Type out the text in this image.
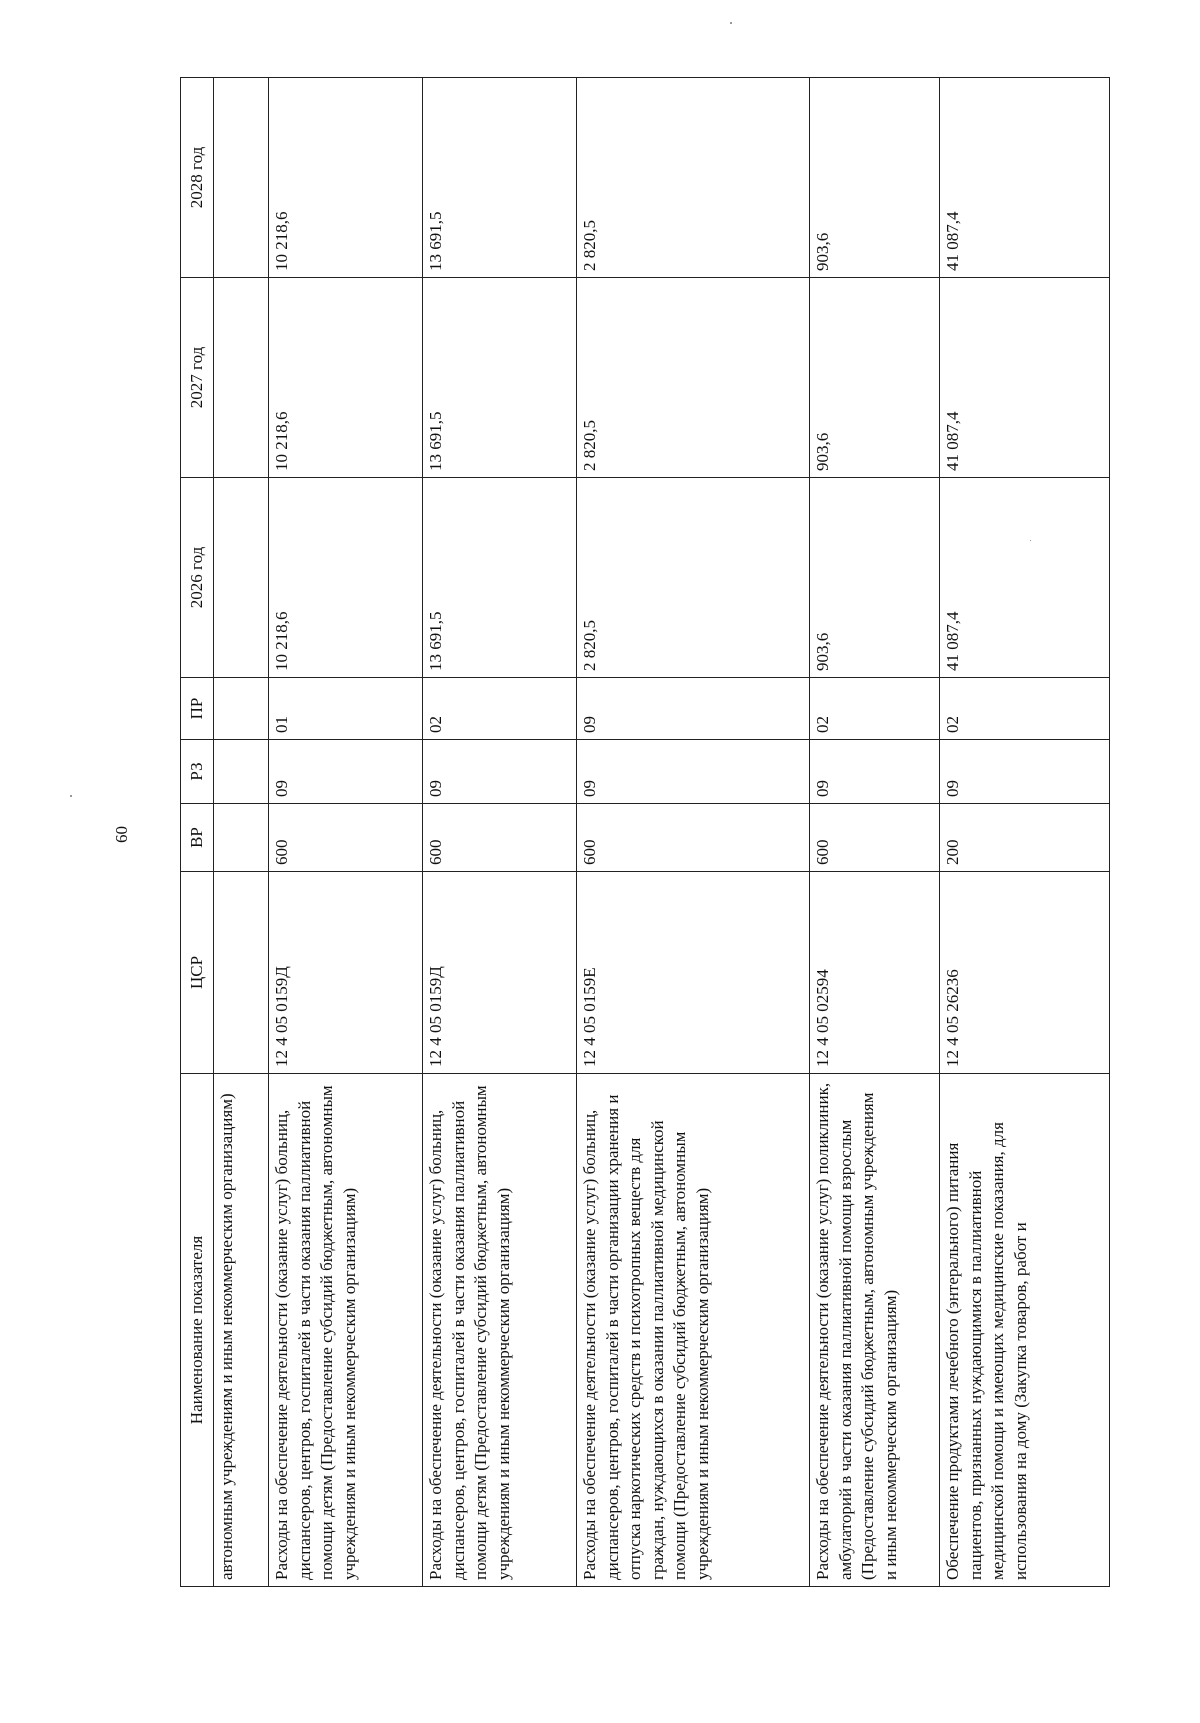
60
Наименование показателя	ЦСР	ВР	РЗ	ПР	2026 год	2027 год	2028 год
автономным учреждениям и иным некоммерческим организациям)							
Расходы на обеспечение деятельности (оказание услуг) больниц, диспансеров, центров, госпиталей в части оказания паллиативной помощи детям (Предоставление субсидий бюджетным, автономным учреждениям и иным некоммерческим организациям)	12 4 05 0159Д	600	09	01	10 218,6	10 218,6	10 218,6
Расходы на обеспечение деятельности (оказание услуг) больниц, диспансеров, центров, госпиталей в части оказания паллиативной помощи детям (Предоставление субсидий бюджетным, автономным учреждениям и иным некоммерческим организациям)	12 4 05 0159Д	600	09	02	13 691,5	13 691,5	13 691,5
Расходы на обеспечение деятельности (оказание услуг) больниц, диспансеров, центров, госпиталей в части организации хранения и отпуска наркотических средств и психотропных веществ для граждан, нуждающихся в оказании паллиативной медицинской помощи (Предоставление субсидий бюджетным, автономным учреждениям и иным некоммерческим организациям)	12 4 05 0159Е	600	09	09	2 820,5	2 820,5	2 820,5
Расходы на обеспечение деятельности (оказание услуг) поликлиник, амбулаторий в части оказания паллиативной помощи взрослым (Предоставление субсидий бюджетным, автономным учреждениям и иным некоммерческим организациям)	12 4 05 02594	600	09	02	903,6	903,6	903,6
Обеспечение продуктами лечебного (энтерального) питания пациентов, признанных нуждающимися в паллиативной медицинской помощи и имеющих медицинские показания, для использования на дому (Закупка товаров, работ и	12 4 05 26236	200	09	02	41 087,4	41 087,4	41 087,4
